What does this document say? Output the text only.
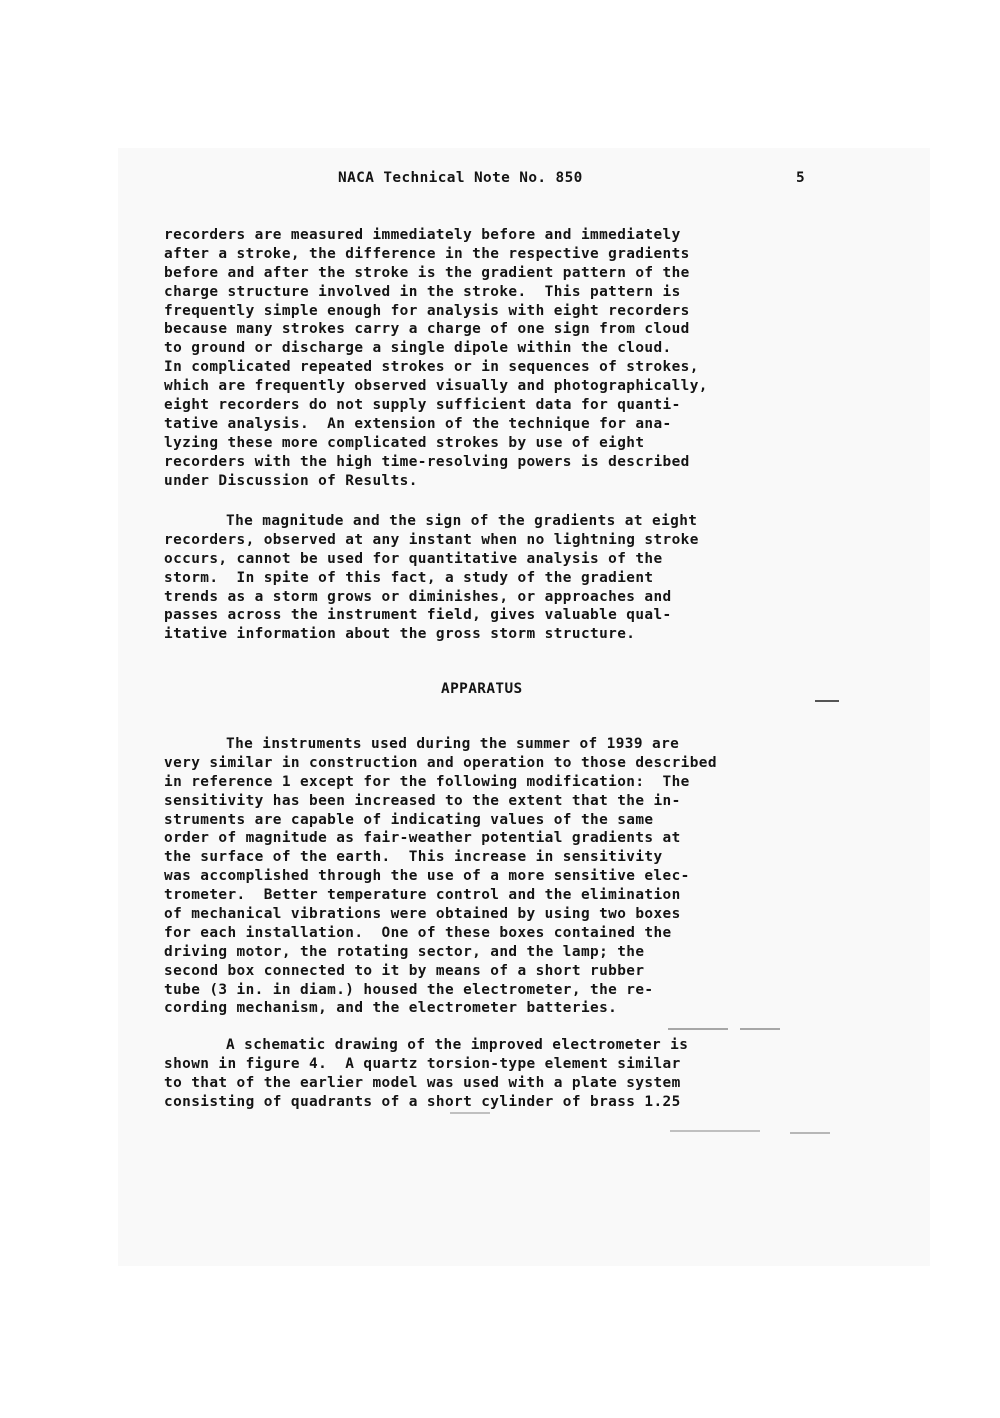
NACA Technical Note No. 850	5
recorders are measured immediately before and immediately
after a stroke, the difference in the respective gradients
before and after the stroke is the gradient pattern of the
charge structure involved in the stroke.  This pattern is
frequently simple enough for analysis with eight recorders
because many strokes carry a charge of one sign from cloud
to ground or discharge a single dipole within the cloud.
In complicated repeated strokes or in sequences of strokes,
which are frequently observed visually and photographically,
eight recorders do not supply sufficient data for quanti-
tative analysis.  An extension of the technique for ana-
lyzing these more complicated strokes by use of eight
recorders with the high time-resolving powers is described
under Discussion of Results.
The magnitude and the sign of the gradients at eight
recorders, observed at any instant when no lightning stroke
occurs, cannot be used for quantitative analysis of the
storm.  In spite of this fact, a study of the gradient
trends as a storm grows or diminishes, or approaches and
passes across the instrument field, gives valuable qual-
itative information about the gross storm structure.
APPARATUS
The instruments used during the summer of 1939 are
very similar in construction and operation to those described
in reference 1 except for the following modification:  The
sensitivity has been increased to the extent that the in-
struments are capable of indicating values of the same
order of magnitude as fair-weather potential gradients at
the surface of the earth.  This increase in sensitivity
was accomplished through the use of a more sensitive elec-
trometer.  Better temperature control and the elimination
of mechanical vibrations were obtained by using two boxes
for each installation.  One of these boxes contained the
driving motor, the rotating sector, and the lamp; the
second box connected to it by means of a short rubber
tube (3 in. in diam.) housed the electrometer, the re-
cording mechanism, and the electrometer batteries.
A schematic drawing of the improved electrometer is
shown in figure 4.  A quartz torsion-type element similar
to that of the earlier model was used with a plate system
consisting of quadrants of a short cylinder of brass 1.25
